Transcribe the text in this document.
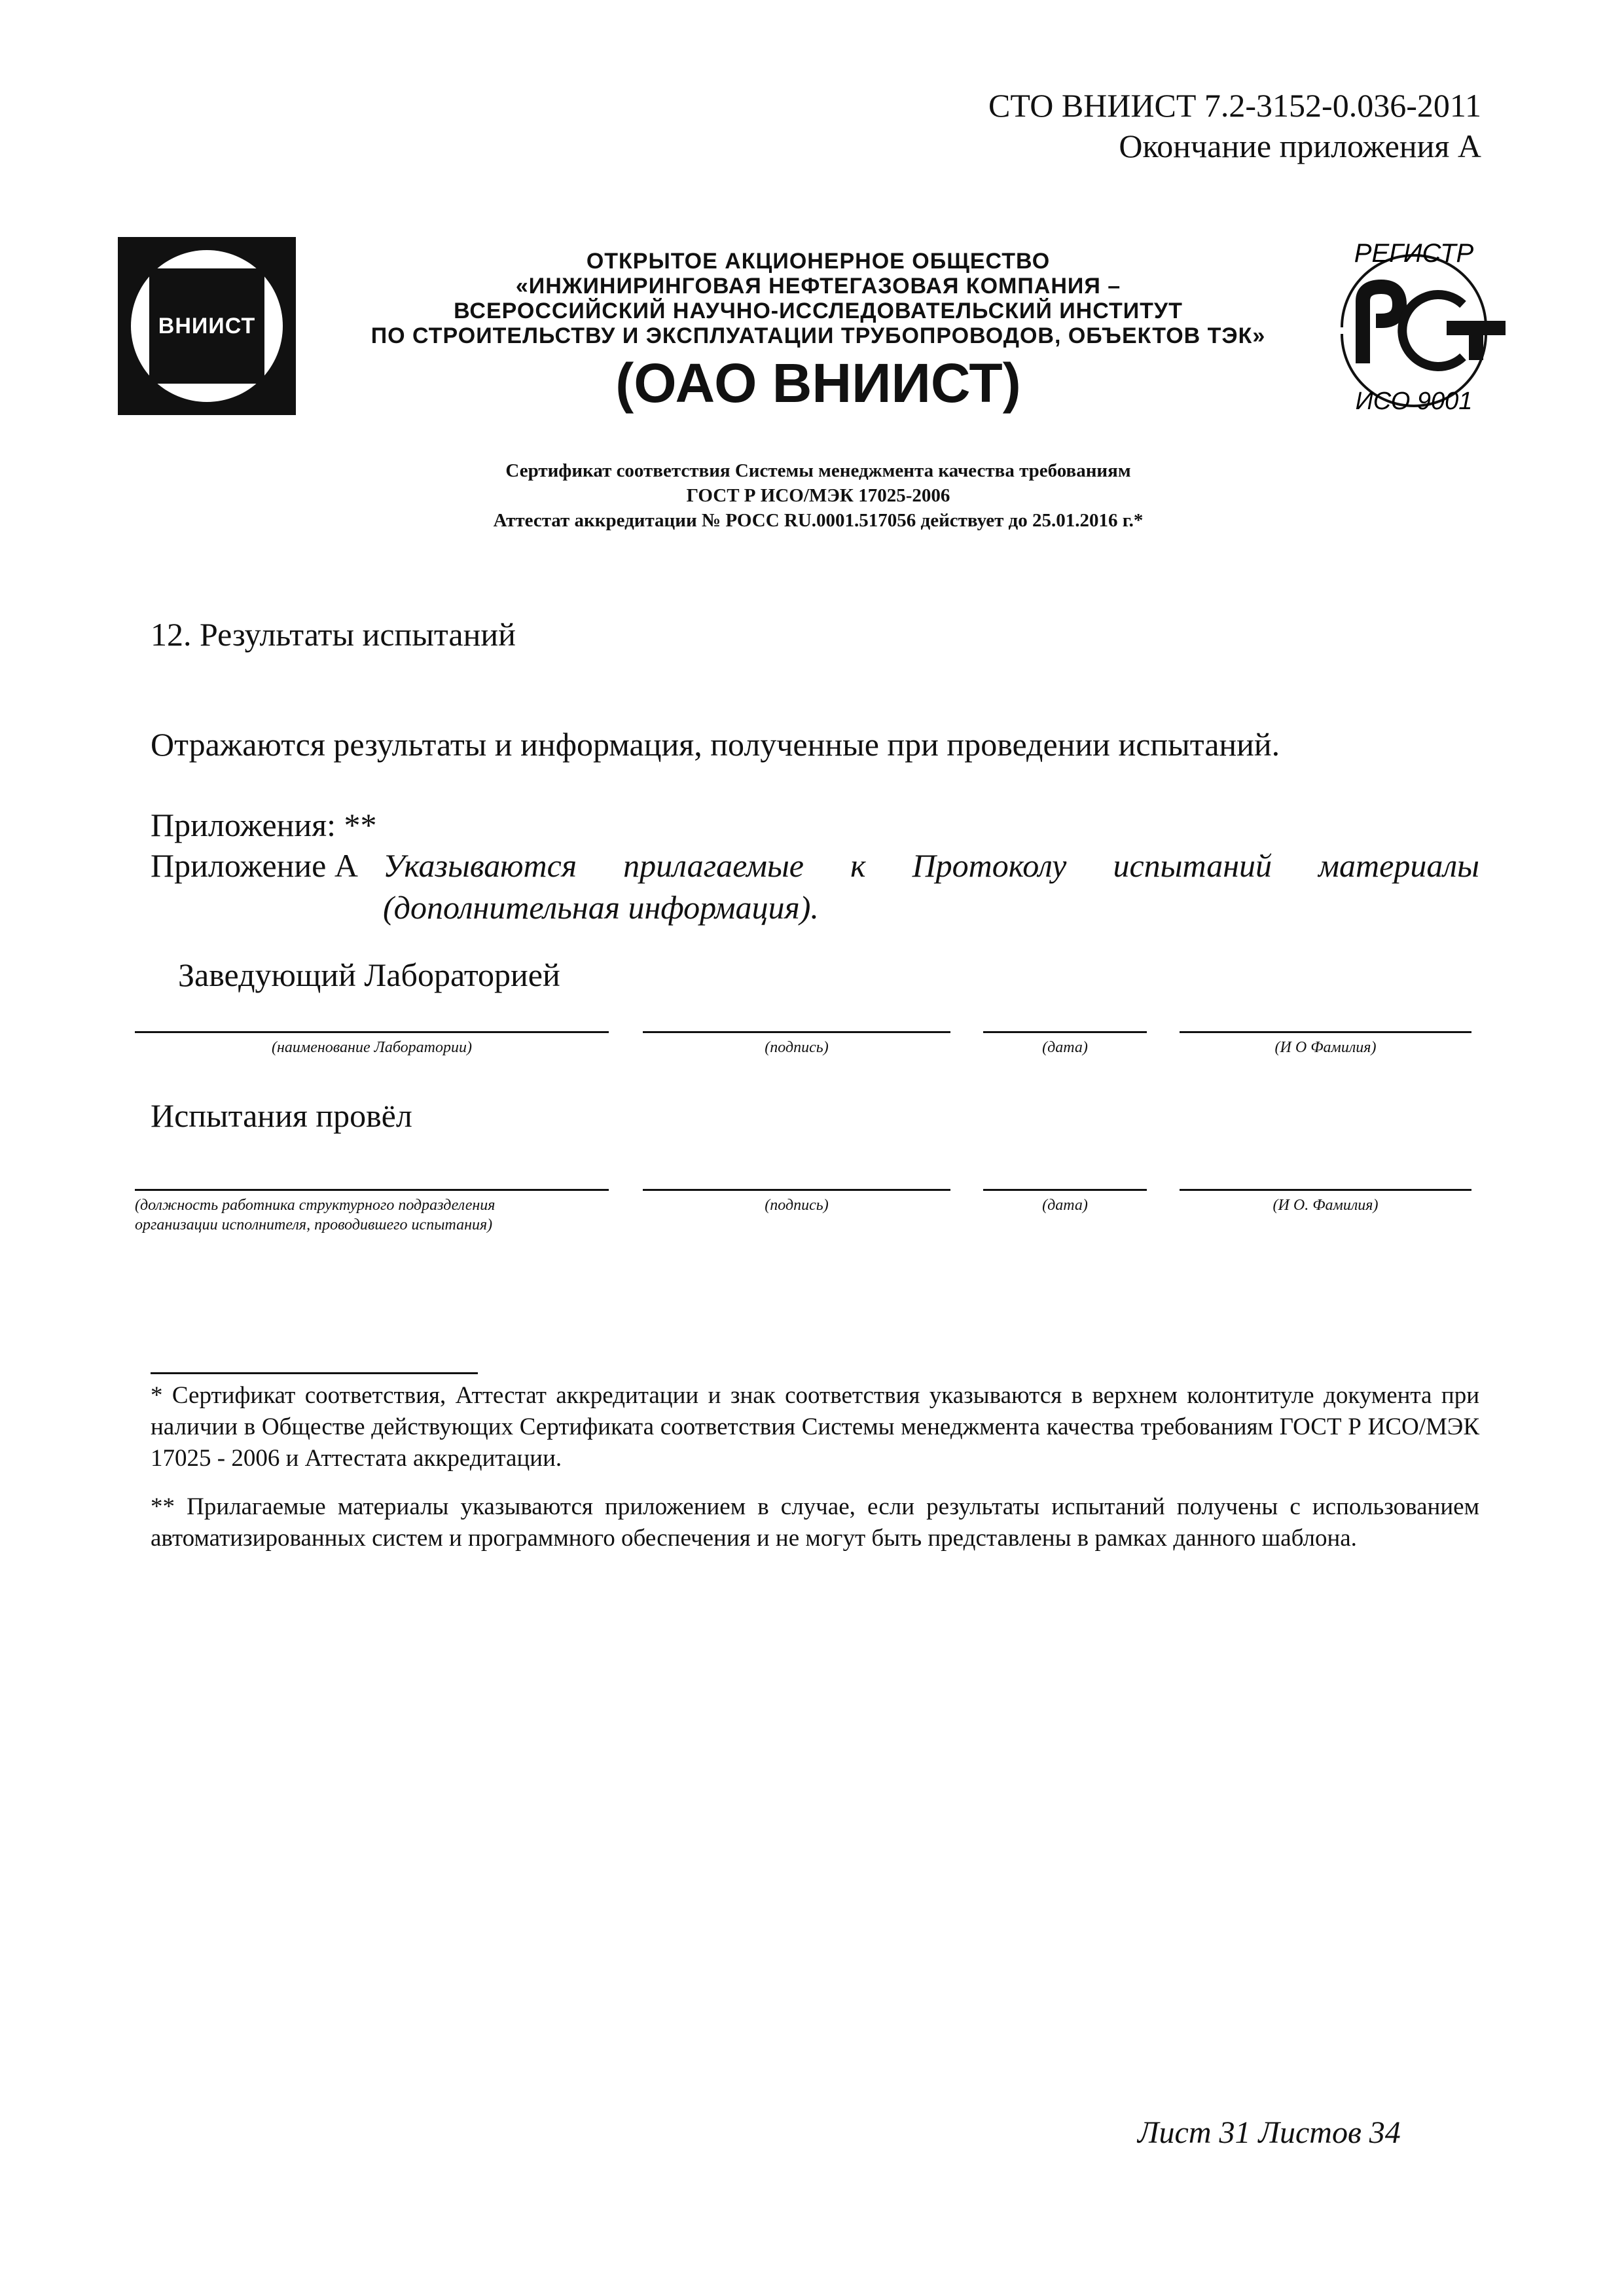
СТО ВНИИСТ 7.2-3152-0.036-2011
Окончание приложения А
ВНИИСТ
ОТКРЫТОЕ АКЦИОНЕРНОЕ ОБЩЕСТВО
«ИНЖИНИРИНГОВАЯ НЕФТЕГАЗОВАЯ КОМПАНИЯ –
ВСЕРОССИЙСКИЙ НАУЧНО-ИССЛЕДОВАТЕЛЬСКИЙ ИНСТИТУТ
ПО СТРОИТЕЛЬСТВУ И ЭКСПЛУАТАЦИИ ТРУБОПРОВОДОВ, ОБЪЕКТОВ ТЭК»
(ОАО ВНИИСТ)
РЕГИСТР
ИСО 9001
Сертификат соответствия Системы менеджмента качества требованиям
ГОСТ Р ИСО/МЭК 17025-2006
Аттестат аккредитации № РОСС RU.0001.517056 действует до 25.01.2016 г.*
12. Результаты испытаний
Отражаются результаты и информация, полученные при проведении испытаний.
Приложения: **
Приложение А Указываются прилагаемые к Протоколу испытаний материалы (дополнительная информация).
Заведующий Лабораторией
(наименование Лаборатории)	(подпись)	(дата)	(И О Фамилия)
Испытания провёл
(должность работника структурного подразделения
организации исполнителя, проводившего испытания)
(подпись)	(дата)	(И О. Фамилия)
* Сертификат соответствия, Аттестат аккредитации и знак соответствия указываются в верхнем колонтитуле документа при наличии в Обществе действующих Сертификата соответствия Системы менеджмента качества требованиям ГОСТ Р ИСО/МЭК 17025 - 2006 и Аттестата аккредитации.
** Прилагаемые материалы указываются приложением в случае, если результаты испытаний получены с использованием автоматизированных систем и программного обеспечения и не могут быть представлены в рамках данного шаблона.
Лист 31 Листов 34
